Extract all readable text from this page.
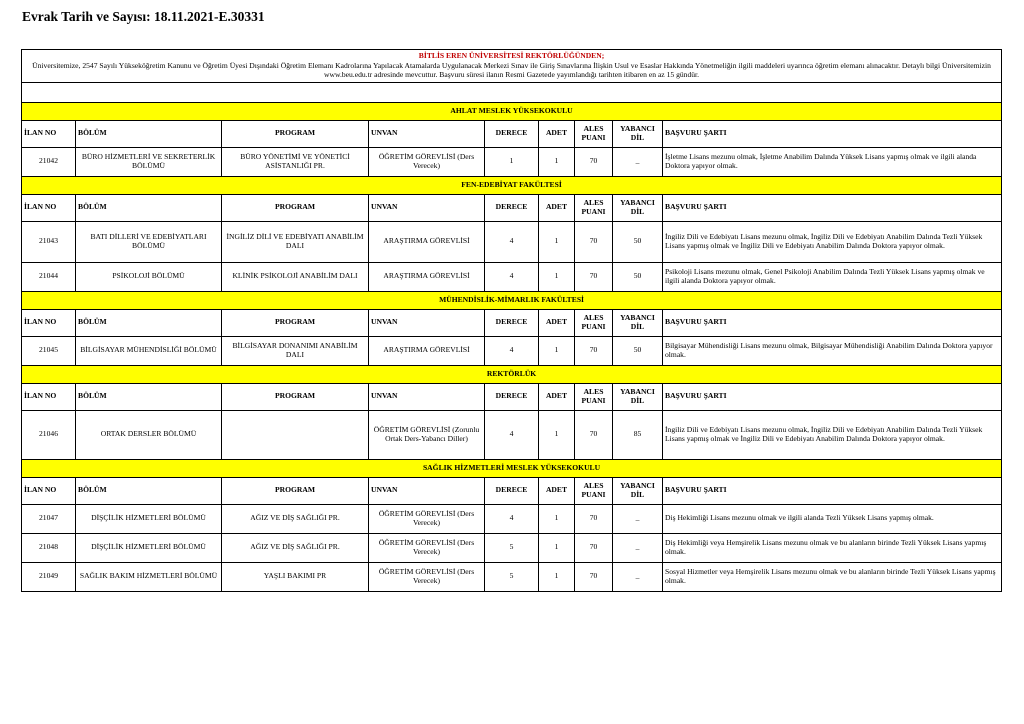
Evrak Tarih ve Sayısı: 18.11.2021-E.30331
BİTLİS EREN ÜNİVERSİTESİ REKTÖRLÜĞÜNDEN;
Üniversitemize, 2547 Sayılı Yükseköğretim Kanunu ve Öğretim Üyesi Dışındaki Öğretim Elemanı Kadrolarına Yapılacak Atamalarda Uygulanacak Merkezi Sınav ile Giriş Sınavlarına İlişkin Usul ve Esaslar Hakkında Yönetmeliğin ilgili maddeleri uyarınca öğretim elemanı alınacaktır. Detaylı bilgi Üniversitemizin www.beu.edu.tr adresinde mevcuttur. Başvuru süresi ilanın Resmi Gazetede yayımlandığı tarihten itibaren en az 15 gündür.								

AHLAT MESLEK YÜKSEKOKULU								
İLAN NO	BÖLÜM	PROGRAM	UNVAN	DERECE	ADET	ALES PUANI	YABANCI DİL	BAŞVURU ŞARTI
21042	BÜRO HİZMETLERİ VE SEKRETERLİK BÖLÜMÜ	BÜRO YÖNETİMİ VE YÖNETİCİ ASİSTANLIĞI PR.	ÖĞRETİM GÖREVLİSİ (Ders Verecek)	1	1	70	_	İşletme Lisans mezunu olmak, İşletme Anabilim Dalında Yüksek Lisans yapmış olmak ve ilgili alanda Doktora yapıyor olmak.
FEN-EDEBİYAT FAKÜLTESİ								
İLAN NO	BÖLÜM	PROGRAM	UNVAN	DERECE	ADET	ALES PUANI	YABANCI DİL	BAŞVURU ŞARTI
21043	BATI DİLLERİ VE EDEBİYATLARI BÖLÜMÜ	İNGİLİZ DİLİ VE EDEBİYATI ANABİLİM DALI	ARAŞTIRMA GÖREVLİSİ	4	1	70	50	İngiliz Dili ve Edebiyatı Lisans mezunu olmak, İngiliz Dili ve Edebiyatı Anabilim Dalında Tezli Yüksek Lisans yapmış olmak ve İngiliz Dili ve Edebiyatı Anabilim Dalında Doktora yapıyor olmak.
21044	PSİKOLOJİ BÖLÜMÜ	KLİNİK PSİKOLOJİ ANABİLİM DALI	ARAŞTIRMA GÖREVLİSİ	4	1	70	50	Psikoloji Lisans mezunu olmak, Genel Psikoloji Anabilim Dalında Tezli Yüksek Lisans yapmış olmak ve ilgili alanda Doktora yapıyor olmak.
MÜHENDİSLİK-MİMARLIK FAKÜLTESİ								
İLAN NO	BÖLÜM	PROGRAM	UNVAN	DERECE	ADET	ALES PUANI	YABANCI DİL	BAŞVURU ŞARTI
21045	BİLGİSAYAR MÜHENDİSLİĞİ BÖLÜMÜ	BİLGİSAYAR DONANIMI ANABİLİM DALI	ARAŞTIRMA GÖREVLİSİ	4	1	70	50	Bilgisayar Mühendisliği Lisans mezunu olmak, Bilgisayar Mühendisliği Anabilim Dalında Doktora yapıyor olmak.
REKTÖRLÜK								
İLAN NO	BÖLÜM	PROGRAM	UNVAN	DERECE	ADET	ALES PUANI	YABANCI DİL	BAŞVURU ŞARTI
21046	ORTAK DERSLER BÖLÜMÜ		ÖĞRETİM GÖREVLİSİ (Zorunlu Ortak Ders-Yabancı Diller)	4	1	70	85	İngiliz Dili ve Edebiyatı Lisans mezunu olmak, İngiliz Dili ve Edebiyatı Anabilim Dalında Tezli Yüksek Lisans yapmış olmak ve İngiliz Dili ve Edebiyatı Anabilim Dalında Doktora yapıyor olmak.
SAĞLIK HİZMETLERİ MESLEK YÜKSEKOKULU								
İLAN NO	BÖLÜM	PROGRAM	UNVAN	DERECE	ADET	ALES PUANI	YABANCI DİL	BAŞVURU ŞARTI
21047	DİŞÇİLİK HİZMETLERİ BÖLÜMÜ	AĞIZ VE DİŞ SAĞLIĞI PR.	ÖĞRETİM GÖREVLİSİ (Ders Verecek)	4	1	70	_	Diş Hekimliği Lisans mezunu olmak ve ilgili alanda Tezli Yüksek Lisans yapmış olmak.
21048	DİŞÇİLİK HİZMETLERİ BÖLÜMÜ	AĞIZ VE DİŞ SAĞLIĞI PR.	ÖĞRETİM GÖREVLİSİ (Ders Verecek)	5	1	70	_	Diş Hekimliği veya Hemşirelik Lisans mezunu olmak ve bu alanların birinde Tezli Yüksek Lisans yapmış olmak.
21049	SAĞLIK BAKIM HİZMETLERİ BÖLÜMÜ	YAŞLI BAKIMI PR	ÖĞRETİM GÖREVLİSİ (Ders Verecek)	5	1	70	_	Sosyal Hizmetler veya Hemşirelik Lisans mezunu olmak ve bu alanların birinde Tezli Yüksek Lisans yapmış olmak.
